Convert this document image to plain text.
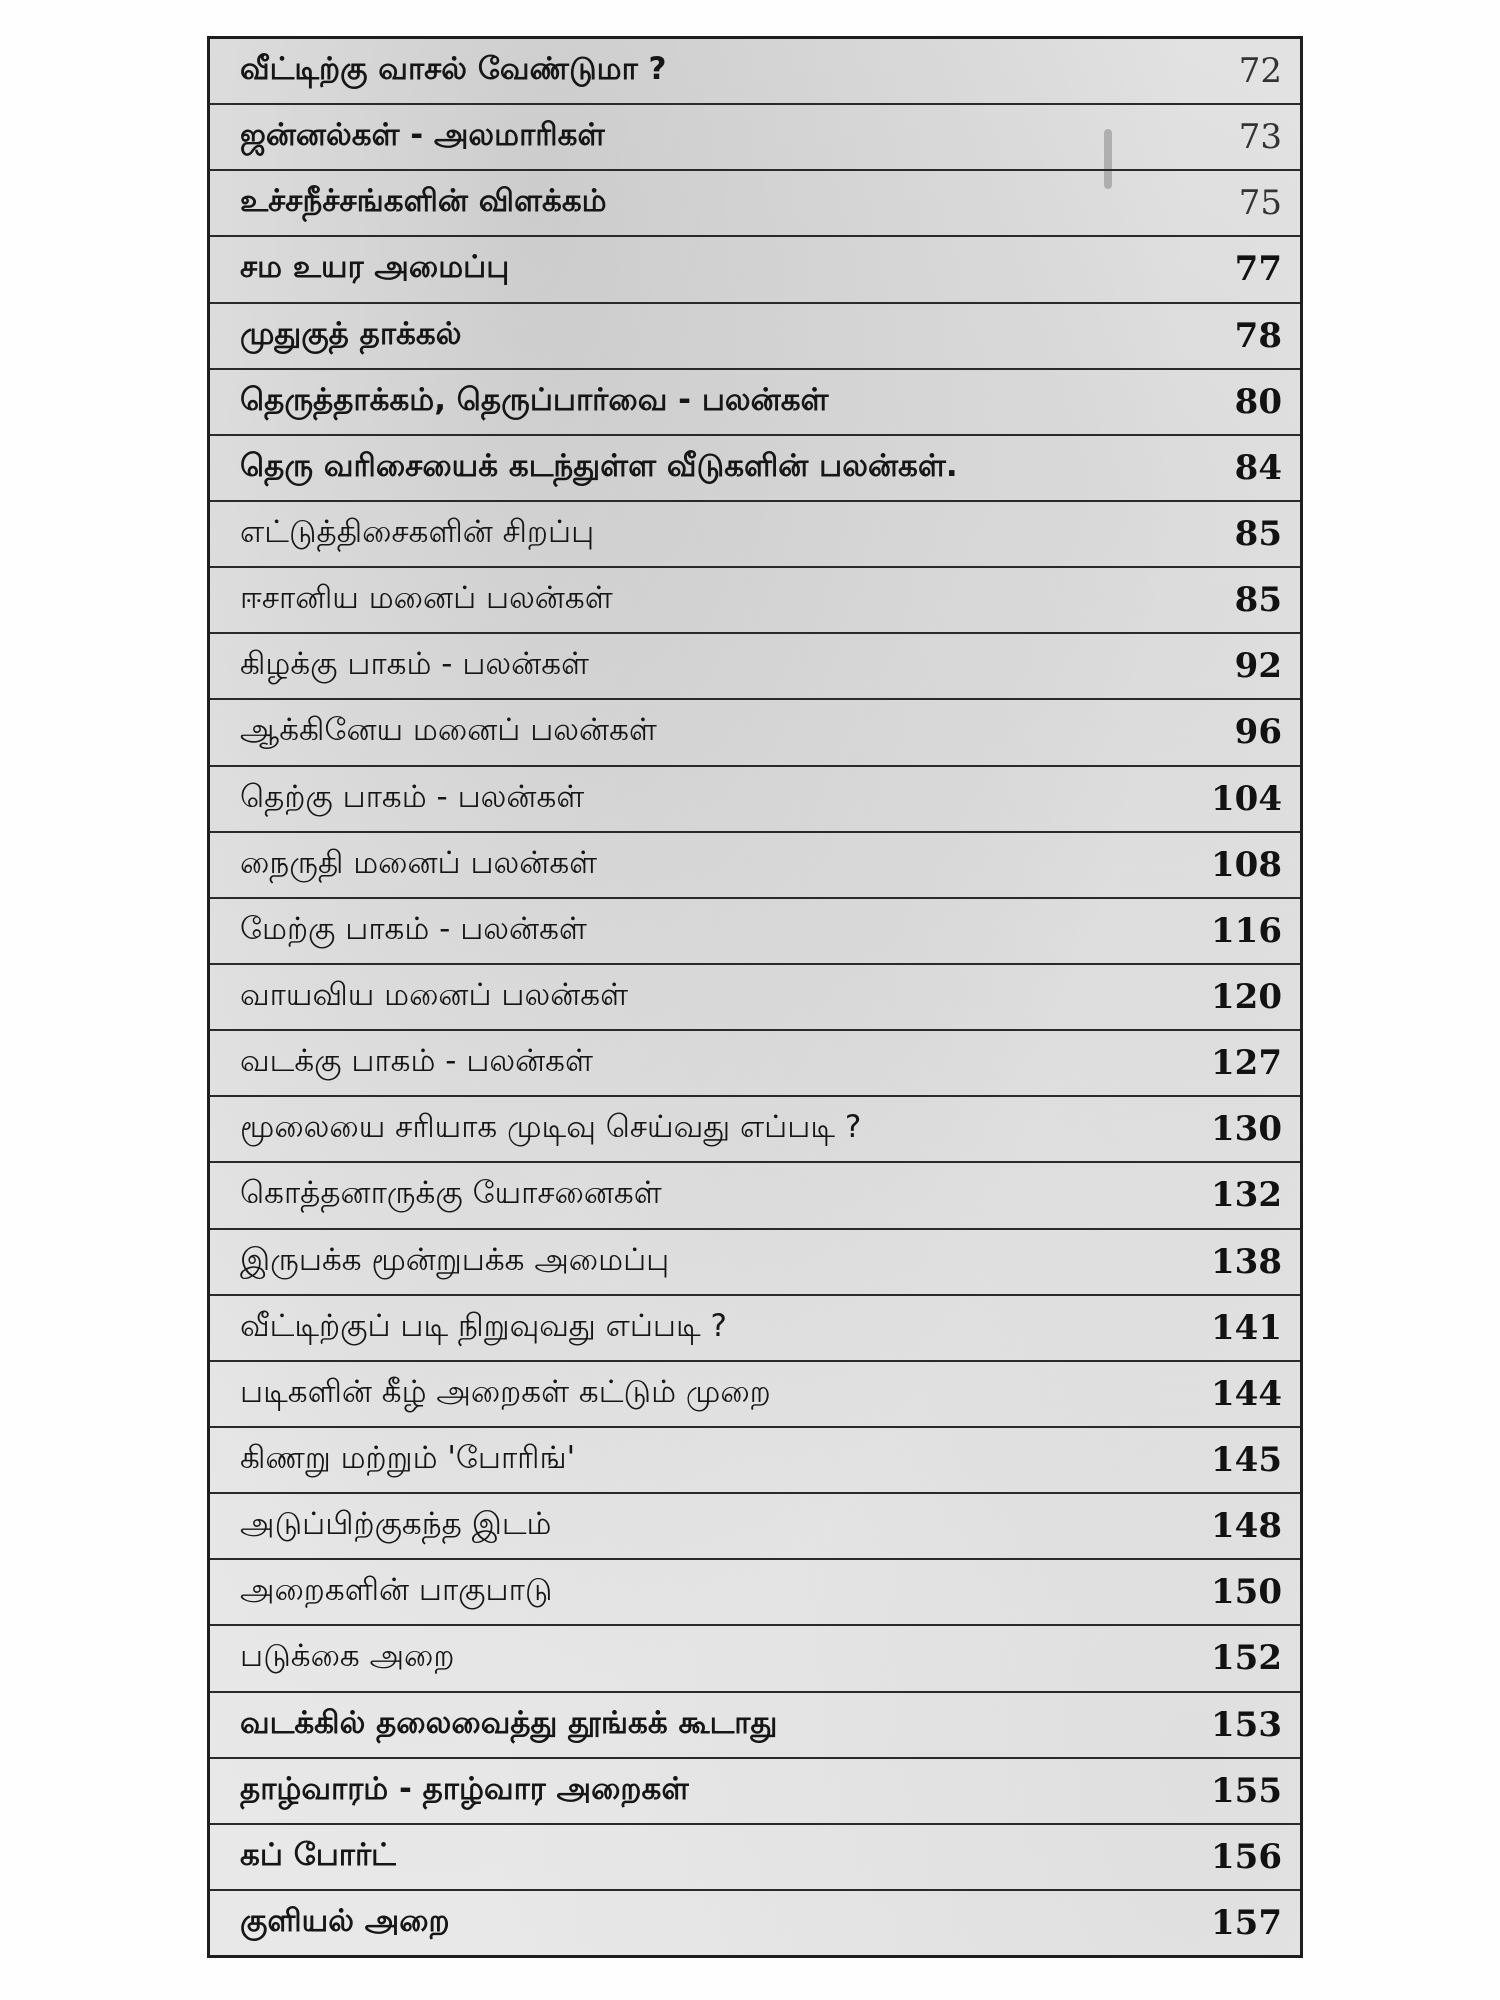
வீட்டிற்கு வாசல் வேண்டுமா ?	72
ஜன்னல்கள் - அலமாரிகள்	73
உச்சநீச்சங்களின் விளக்கம்	75
சம உயர அமைப்பு	77
முதுகுத் தாக்கல்	78
தெருத்தாக்கம், தெருப்பார்வை - பலன்கள்	80
தெரு வரிசையைக் கடந்துள்ள வீடுகளின் பலன்கள்.	84
எட்டுத்திசைகளின் சிறப்பு	85
ஈசானிய மனைப் பலன்கள்	85
கிழக்கு பாகம் - பலன்கள்	92
ஆக்கினேய மனைப் பலன்கள்	96
தெற்கு பாகம் - பலன்கள்	104
நைருதி மனைப் பலன்கள்	108
மேற்கு பாகம் - பலன்கள்	116
வாயவிய மனைப் பலன்கள்	120
வடக்கு பாகம் - பலன்கள்	127
மூலையை சரியாக முடிவு செய்வது எப்படி ?	130
கொத்தனாருக்கு யோசனைகள்	132
இருபக்க மூன்றுபக்க அமைப்பு	138
வீட்டிற்குப் படி நிறுவுவது எப்படி ?	141
படிகளின் கீழ் அறைகள் கட்டும் முறை	144
கிணறு மற்றும் 'போரிங்'	145
அடுப்பிற்குகந்த இடம்	148
அறைகளின் பாகுபாடு	150
படுக்கை அறை	152
வடக்கில் தலைவைத்து தூங்கக் கூடாது	153
தாழ்வாரம் - தாழ்வார அறைகள்	155
கப் போர்ட்	156
குளியல் அறை	157
